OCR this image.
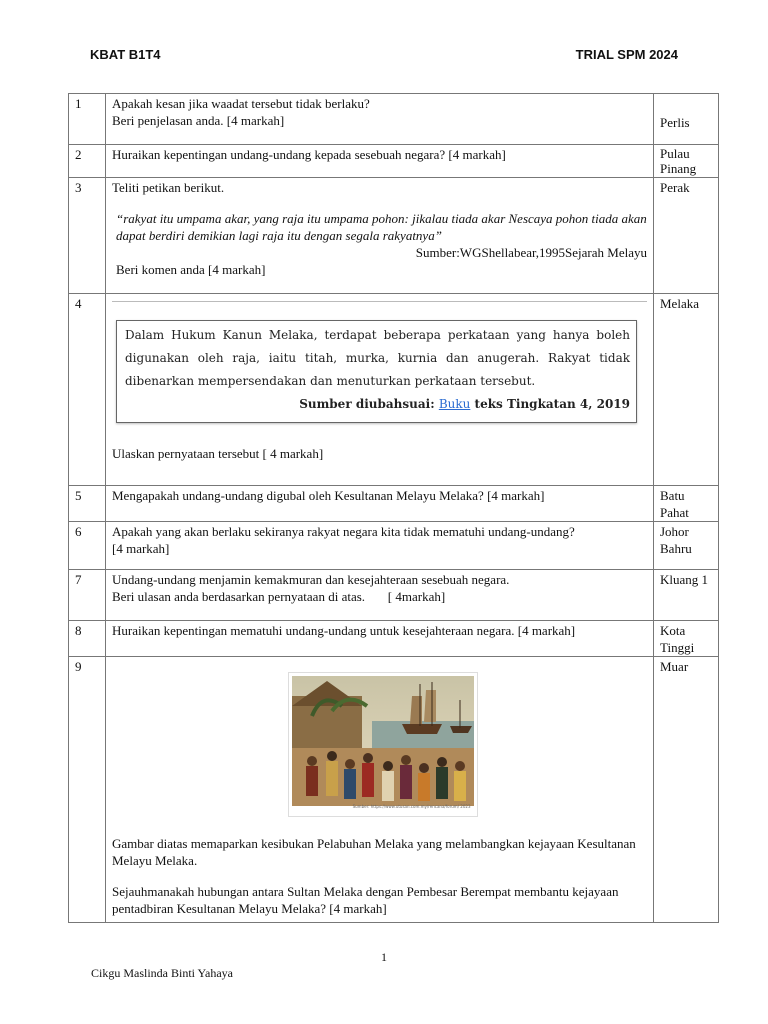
KBAT B1T4	TRIAL SPM 2024
1	Apakah kesan jika waadat tersebut tidak berlaku?
Beri penjelasan anda. [4 markah]	Perlis

2	Huraikan kepentingan undang-undang kepada sesebuah negara? [4 markah]	Pulau Pinang
3	Teliti petikan berikut.
“rakyat itu umpama akar, yang raja itu umpama pohon: jikalau tiada akar Nescaya pohon tiada akan dapat berdiri demikian lagi raja itu dengan segala rakyatnya”
Sumber:WGShellabear,1995Sejarah Melayu
Beri komen anda [4 markah]	Perak
4	Dalam Hukum Kanun Melaka, terdapat beberapa perkataan yang hanya boleh digunakan oleh raja, iaitu titah, murka, kurnia dan anugerah. Rakyat tidak dibenarkan mempersendakan dan menuturkan perkataan tersebut.
Sumber diubahsuai: Buku teks Tingkatan 4, 2019
Ulaskan pernyataan tersebut [ 4 markah]	Melaka
5	Mengapakah undang-undang digubal oleh Kesultanan Melayu Melaka? [4 markah]	Batu Pahat
6	Apakah yang akan berlaku sekiranya rakyat negara kita tidak mematuhi undang-undang?
[4 markah]	Johor Bahru
7	Undang-undang menjamin kemakmuran dan kesejahteraan sesebuah negara.
Beri ulasan anda berdasarkan pernyataan di atas.       [ 4markah]	Kluang 1
8	Huraikan kepentingan mematuhi undang-undang untuk kesejahteraan negara. [4 markah]	Kota Tinggi
9	Sumber: https://www.utusan.com.my/rencana/forum/ 2023
Gambar diatas memaparkan kesibukan Pelabuhan Melaka yang melambangkan kejayaan Kesultanan Melayu Melaka.
Sejauhmanakah hubungan antara Sultan Melaka dengan Pembesar Berempat membantu kejayaan pentadbiran Kesultanan Melayu Melaka? [4 markah]	Muar
1
Cikgu Maslinda Binti Yahaya
